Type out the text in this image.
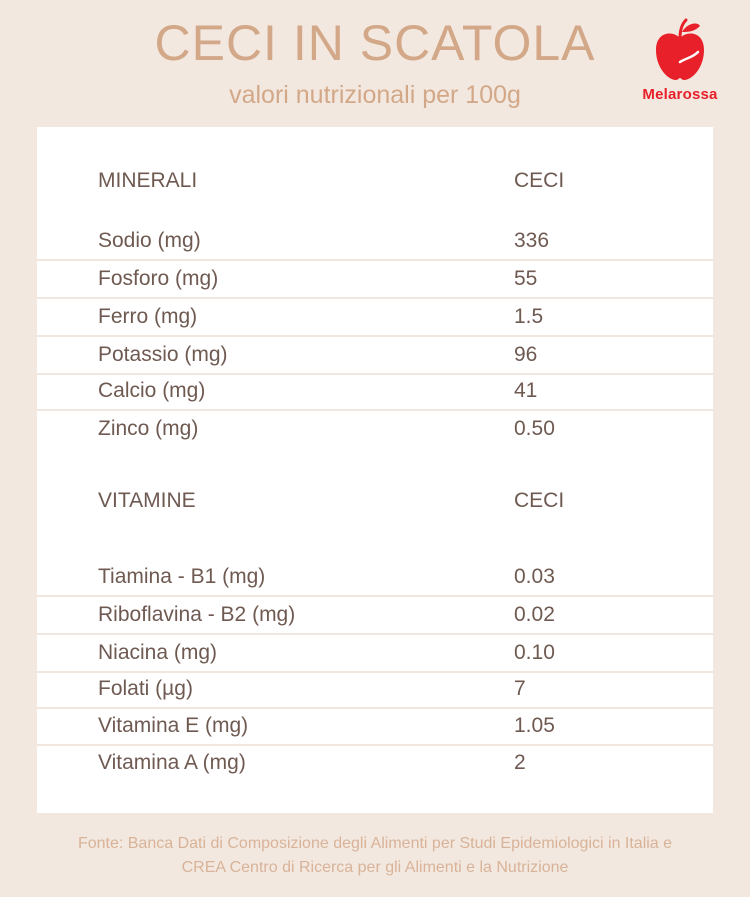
CECI IN SCATOLA
valori nutrizionali per 100g	Melarossa
MINERALI	CECI
Sodio (mg)	336
Fosforo (mg)	55
Ferro (mg)	1.5
Potassio (mg)	96
Calcio (mg)	41
Zinco (mg)	0.50
VITAMINE	CECI
Tiamina - B1 (mg)	0.03
Riboflavina - B2 (mg)	0.02
Niacina (mg)	0.10
Folati (µg)	7
Vitamina E (mg)	1.05
Vitamina A (mg)	2
Fonte: Banca Dati di Composizione degli Alimenti per Studi Epidemiologici in Italia e
CREA Centro di Ricerca per gli Alimenti e la Nutrizione
